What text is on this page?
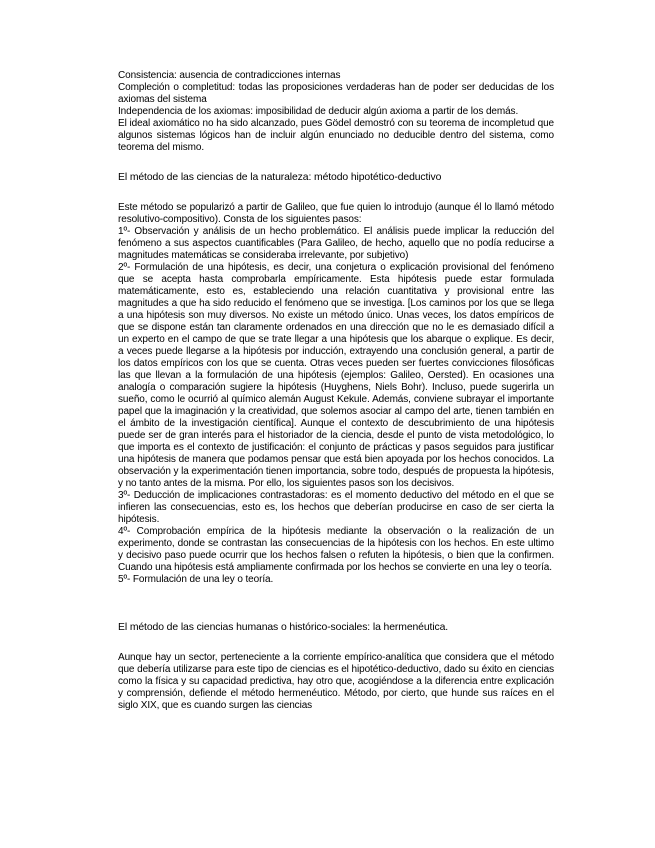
Consistencia: ausencia de contradicciones internas

Compleción o completitud: todas las proposiciones verdaderas han de poder ser deducidas de los axiomas del sistema

Independencia de los axiomas: imposibilidad de deducir algún axioma a partir de los demás.

El ideal axiomático no ha sido alcanzado, pues Gödel demostró con su teorema de incompletud que algunos sistemas lógicos han de incluir algún enunciado no deducible dentro del sistema, como teorema del mismo.

El método de las ciencias de la naturaleza: método hipotético-deductivo

Este método se popularizó a partir de Galileo, que fue quien lo introdujo (aunque él lo llamó método resolutivo-compositivo). Consta de los siguientes pasos:

1º- Observación y análisis de un hecho problemático. El análisis puede implicar la reducción del fenómeno a sus aspectos cuantificables (Para Galileo, de hecho, aquello que no podía reducirse a magnitudes matemáticas se consideraba irrelevante, por subjetivo)

2º- Formulación de una hipótesis, es decir, una conjetura o explicación provisional del fenómeno que se acepta hasta comprobarla empíricamente. Esta hipótesis puede estar formulada matemáticamente, esto es, estableciendo una relación cuantitativa y provisional entre las magnitudes a que ha sido reducido el fenómeno que se investiga. [Los caminos por los que se llega a una hipótesis son muy diversos. No existe un método único. Unas veces, los datos empíricos de que se dispone están tan claramente ordenados en una dirección que no le es demasiado difícil a un experto en el campo de que se trate llegar a una hipótesis que los abarque o explique. Es decir, a veces puede llegarse a la hipótesis por inducción, extrayendo una conclusión general, a partir de los datos empíricos con los que se cuenta. Otras veces pueden ser fuertes convicciones filosóficas las que llevan a la formulación de una hipótesis (ejemplos: Galileo, Oersted). En ocasiones una analogía o comparación sugiere la hipótesis (Huyghens, Niels Bohr). Incluso, puede sugerirla un sueño, como le ocurrió al químico alemán August Kekule. Además, conviene subrayar el importante papel que la imaginación y la creatividad, que solemos asociar al campo del arte, tienen también en el ámbito de la investigación científica]. Aunque el contexto de descubrimiento de una hipótesis puede ser de gran interés para el historiador de la ciencia, desde el punto de vista metodológico, lo que importa es el contexto de justificación: el conjunto de prácticas y pasos seguidos para justificar una hipótesis de manera que podamos pensar que está bien apoyada por los hechos conocidos. La observación y la experimentación tienen importancia, sobre todo, después de propuesta la hipótesis, y no tanto antes de la misma. Por ello, los siguientes pasos son los decisivos.

3º- Deducción de implicaciones contrastadoras: es el momento deductivo del método en el que se infieren las consecuencias, esto es, los hechos que deberían producirse en caso de ser cierta la hipótesis.

4º- Comprobación empírica de la hipótesis mediante la observación o la realización de un experimento, donde se contrastan las consecuencias de la hipótesis con los hechos. En este ultimo y decisivo paso puede ocurrir que los hechos falsen o refuten la hipótesis, o bien que la confirmen. Cuando una hipótesis está ampliamente confirmada por los hechos se convierte en una ley o teoría.

5º- Formulación de una ley o teoría.

El método de las ciencias humanas o histórico-sociales: la hermenéutica.

Aunque hay un sector, perteneciente a la corriente empírico-analítica que considera que el método que debería utilizarse para este tipo de ciencias es el hipotético-deductivo, dado su éxito en ciencias como la física y su capacidad predictiva, hay otro que, acogiéndose a la diferencia entre explicación y comprensión, defiende el método hermenéutico. Método, por cierto, que hunde sus raíces en el siglo XIX, que es cuando surgen las ciencias
